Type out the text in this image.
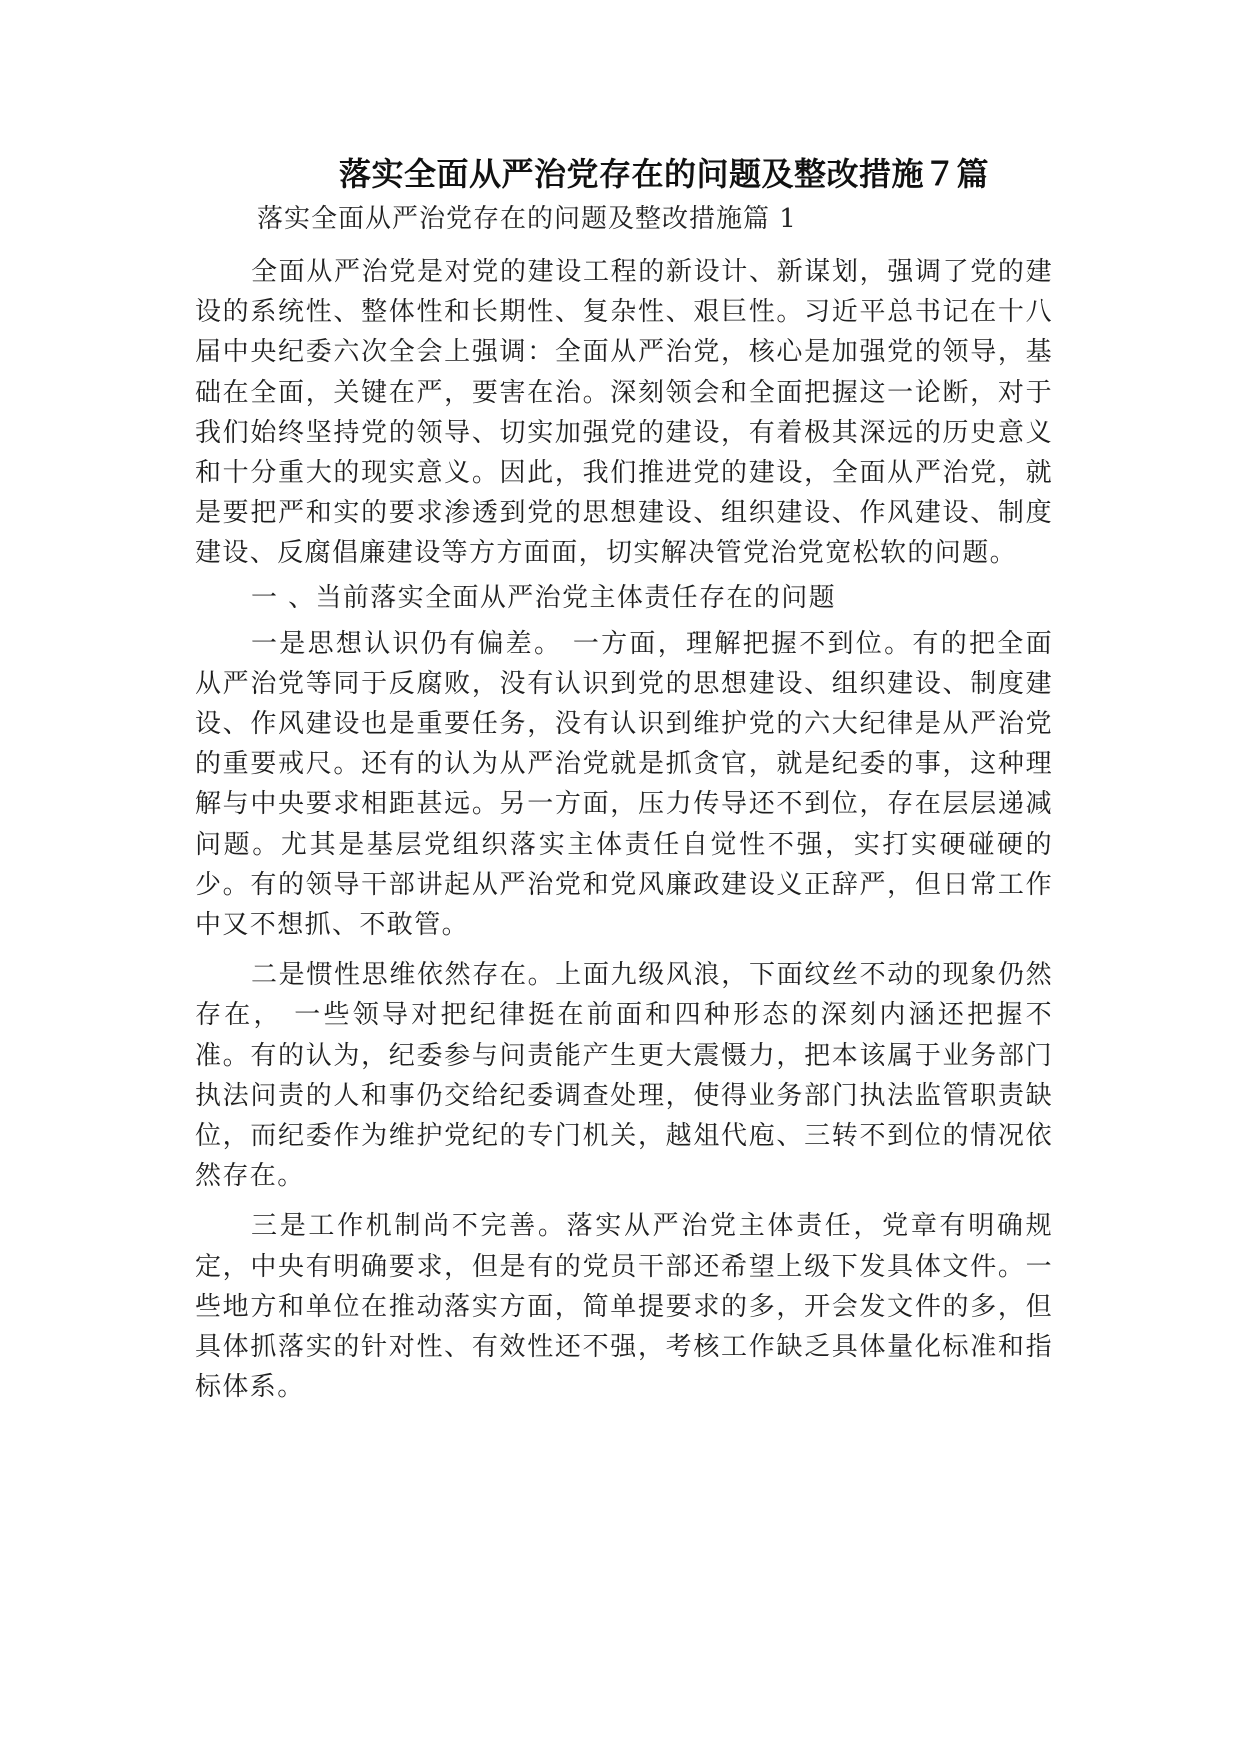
落实全面从严治党存在的问题及整改措施７篇

落实全面从严治党存在的问题及整改措施篇 1

全面从严治党是对党的建设工程的新设计、新谋划，强调了党的建设的系统性、整体性和长期性、复杂性、艰巨性。习近平总书记在十八届中央纪委六次全会上强调：全面从严治党，核心是加强党的领导，基础在全面，关键在严，要害在治。深刻领会和全面把握这一论断，对于我们始终坚持党的领导、切实加强党的建设，有着极其深远的历史意义和十分重大的现实意义。因此，我们推进党的建设，全面从严治党，就是要把严和实的要求渗透到党的思想建设、组织建设、作风建设、制度建设、反腐倡廉建设等方方面面，切实解决管党治党宽松软的问题。

一 、当前落实全面从严治党主体责任存在的问题

一是思想认识仍有偏差。 一方面，理解把握不到位。有的把全面从严治党等同于反腐败，没有认识到党的思想建设、组织建设、制度建设、作风建设也是重要任务，没有认识到维护党的六大纪律是从严治党的重要戒尺。还有的认为从严治党就是抓贪官，就是纪委的事，这种理解与中央要求相距甚远。另一方面，压力传导还不到位，存在层层递减问题。尤其是基层党组织落实主体责任自觉性不强，实打实硬碰硬的少。有的领导干部讲起从严治党和党风廉政建设义正辞严，但日常工作中又不想抓、不敢管。

二是惯性思维依然存在。上面九级风浪，下面纹丝不动的现象仍然存在， 一些领导对把纪律挺在前面和四种形态的深刻内涵还把握不准。有的认为，纪委参与问责能产生更大震慑力，把本该属于业务部门执法问责的人和事仍交给纪委调查处理，使得业务部门执法监管职责缺位，而纪委作为维护党纪的专门机关，越俎代庖、三转不到位的情况依然存在。

三是工作机制尚不完善。落实从严治党主体责任，党章有明确规定，中央有明确要求，但是有的党员干部还希望上级下发具体文件。一些地方和单位在推动落实方面，简单提要求的多，开会发文件的多，但具体抓落实的针对性、有效性还不强，考核工作缺乏具体量化标准和指标体系。
